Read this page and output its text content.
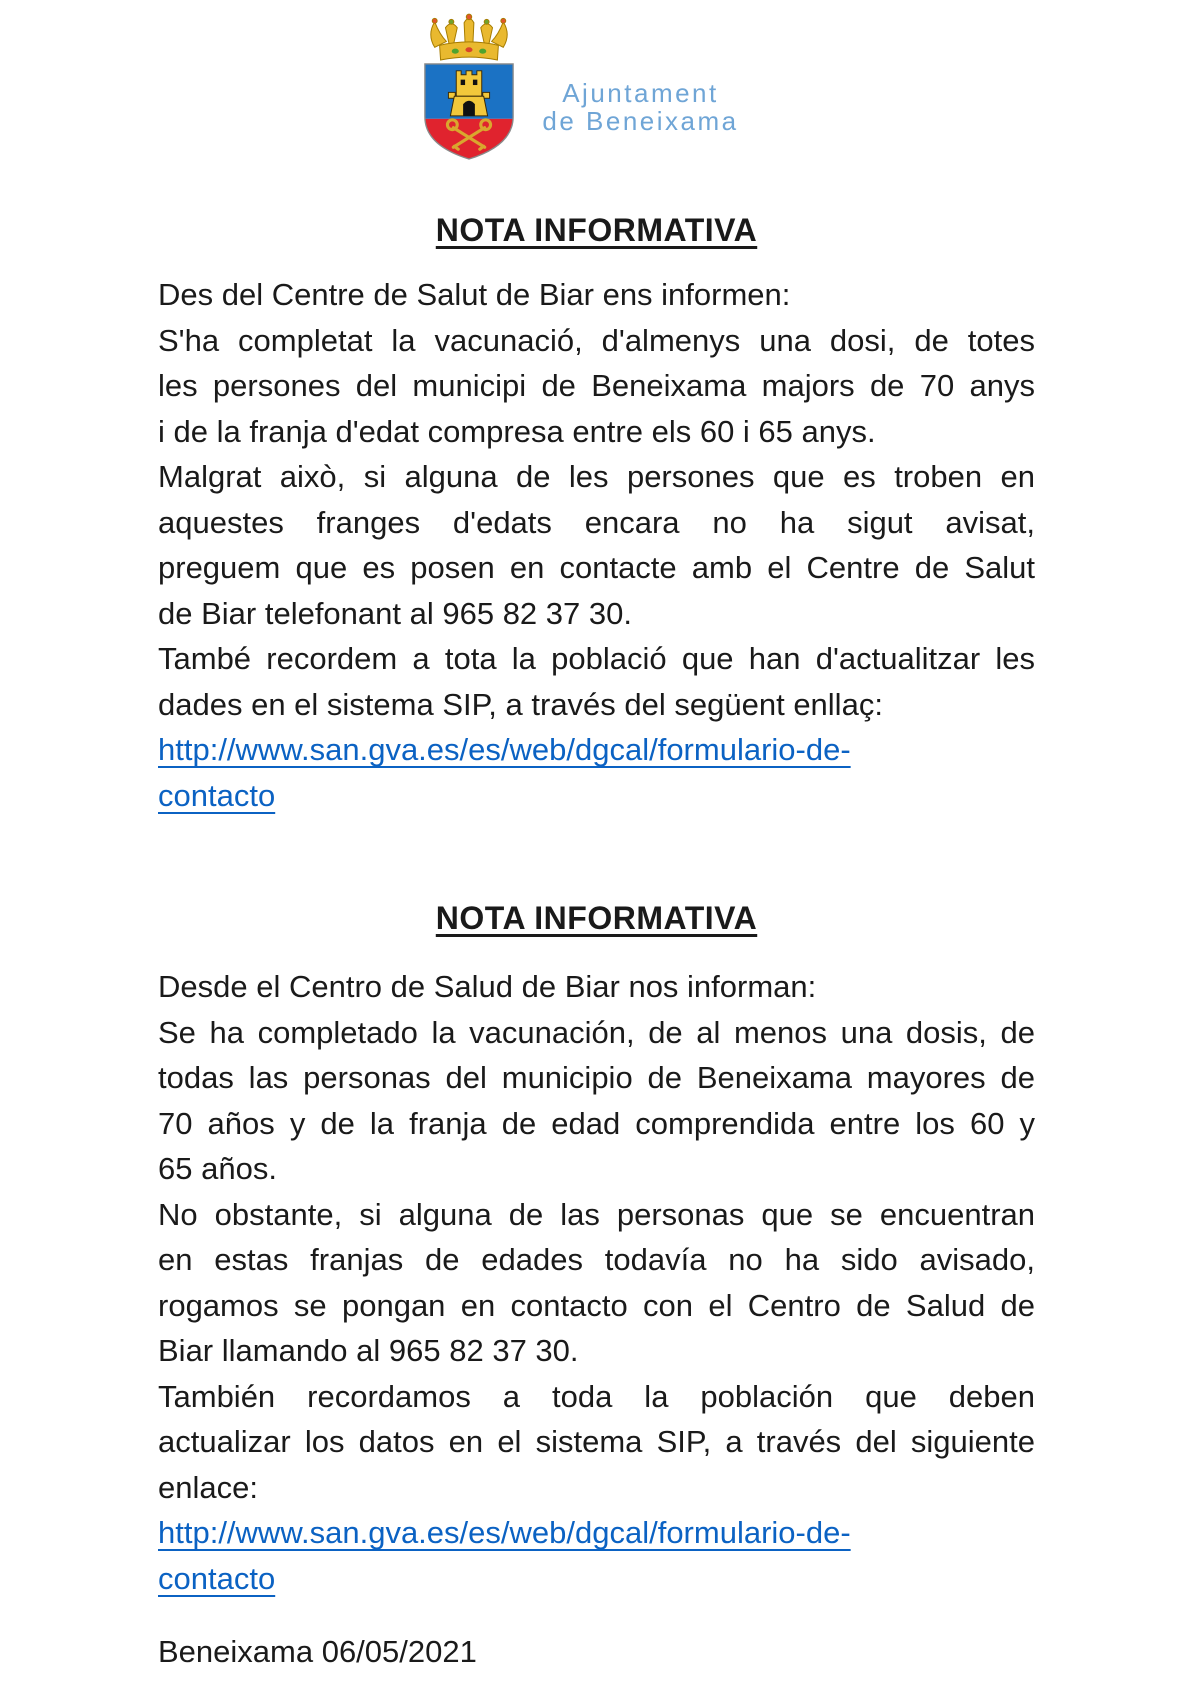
Ajuntament
de Beneixama
NOTA INFORMATIVA
Des del Centre de Salut de Biar ens informen:
S'ha completat la vacunació, d'almenys una dosi, de totes
les persones del municipi de Beneixama majors de 70 anys
i de la franja d'edat compresa entre els 60 i 65 anys.
Malgrat això, si alguna de les persones que es troben en
aquestes franges d'edats encara no ha sigut avisat,
preguem que es posen en contacte amb el Centre de Salut
de Biar telefonant al 965 82 37 30.
També recordem a tota la població que han d'actualitzar les
dades en el sistema SIP, a través del següent enllaç:
http://www.san.gva.es/es/web/dgcal/formulario-de-
contacto
NOTA INFORMATIVA
Desde el Centro de Salud de Biar nos informan:
Se ha completado la vacunación, de al menos una dosis, de
todas las personas del municipio de Beneixama mayores de
70 años y de la franja de edad comprendida entre los 60 y
65 años.
No obstante, si alguna de las personas que se encuentran
en estas franjas de edades todavía no ha sido avisado,
rogamos se pongan en contacto con el Centro de Salud de
Biar llamando al 965 82 37 30.
También recordamos a toda la población que deben
actualizar los datos en el sistema SIP, a través del siguiente
enlace:
http://www.san.gva.es/es/web/dgcal/formulario-de-
contacto
Beneixama 06/05/2021
